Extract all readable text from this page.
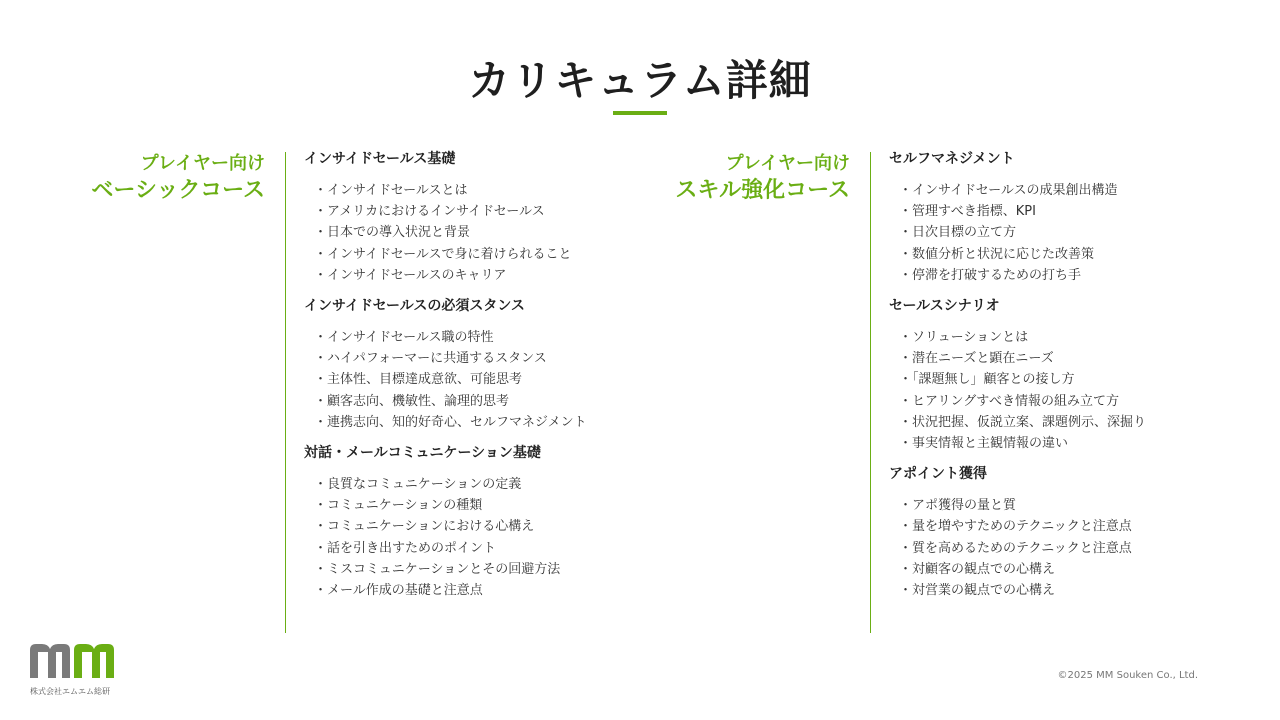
カリキュラム詳細
プレイヤー向け
ベーシックコース
インサイドセールス基礎
・インサイドセールスとは
・アメリカにおけるインサイドセールス
・日本での導入状況と背景
・インサイドセールスで身に着けられること
・インサイドセールスのキャリア
インサイドセールスの必須スタンス
・インサイドセールス職の特性
・ハイパフォーマーに共通するスタンス
・主体性、目標達成意欲、可能思考
・顧客志向、機敏性、論理的思考
・連携志向、知的好奇心、セルフマネジメント
対話・メールコミュニケーション基礎
・良質なコミュニケーションの定義
・コミュニケーションの種類
・コミュニケーションにおける心構え
・話を引き出すためのポイント
・ミスコミュニケーションとその回避方法
・メール作成の基礎と注意点
プレイヤー向け
スキル強化コース
セルフマネジメント
・インサイドセールスの成果創出構造
・管理すべき指標、KPI
・日次目標の立て方
・数値分析と状況に応じた改善策
・停滞を打破するための打ち手
セールスシナリオ
・ソリューションとは
・潜在ニーズと顕在ニーズ
・「課題無し」顧客との接し方
・ヒアリングすべき情報の組み立て方
・状況把握、仮説立案、課題例示、深掘り
・事実情報と主観情報の違い
アポイント獲得
・アポ獲得の量と質
・量を増やすためのテクニックと注意点
・質を高めるためのテクニックと注意点
・対顧客の観点での心構え
・対営業の観点での心構え
株式会社エムエム総研
©2025 MM Souken Co., Ltd.
